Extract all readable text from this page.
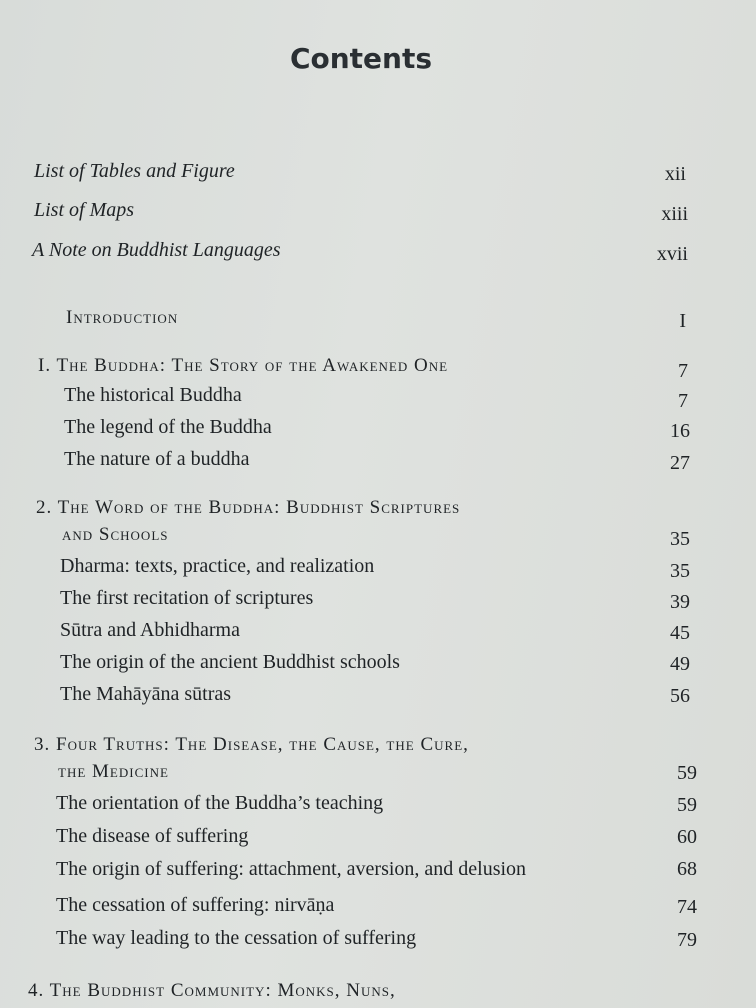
Contents
List of Tables and Figure	xii
List of Maps	xiii
A Note on Buddhist Languages	xvii
Introduction	I
I. The Buddha: The Story of the Awakened One	7
The historical Buddha	7
The legend of the Buddha	16
The nature of a buddha	27
2. The Word of the Buddha: Buddhist Scriptures
and Schools	35
Dharma: texts, practice, and realization	35
The first recitation of scriptures	39
Sūtra and Abhidharma	45
The origin of the ancient Buddhist schools	49
The Mahāyāna sūtras	56
3. Four Truths: The Disease, the Cause, the Cure,
the Medicine	59
The orientation of the Buddha’s teaching	59
The disease of suffering	60
The origin of suffering: attachment, aversion, and delusion	68
The cessation of suffering: nirvāṇa	74
The way leading to the cessation of suffering	79
4. The Buddhist Community: Monks, Nuns,
